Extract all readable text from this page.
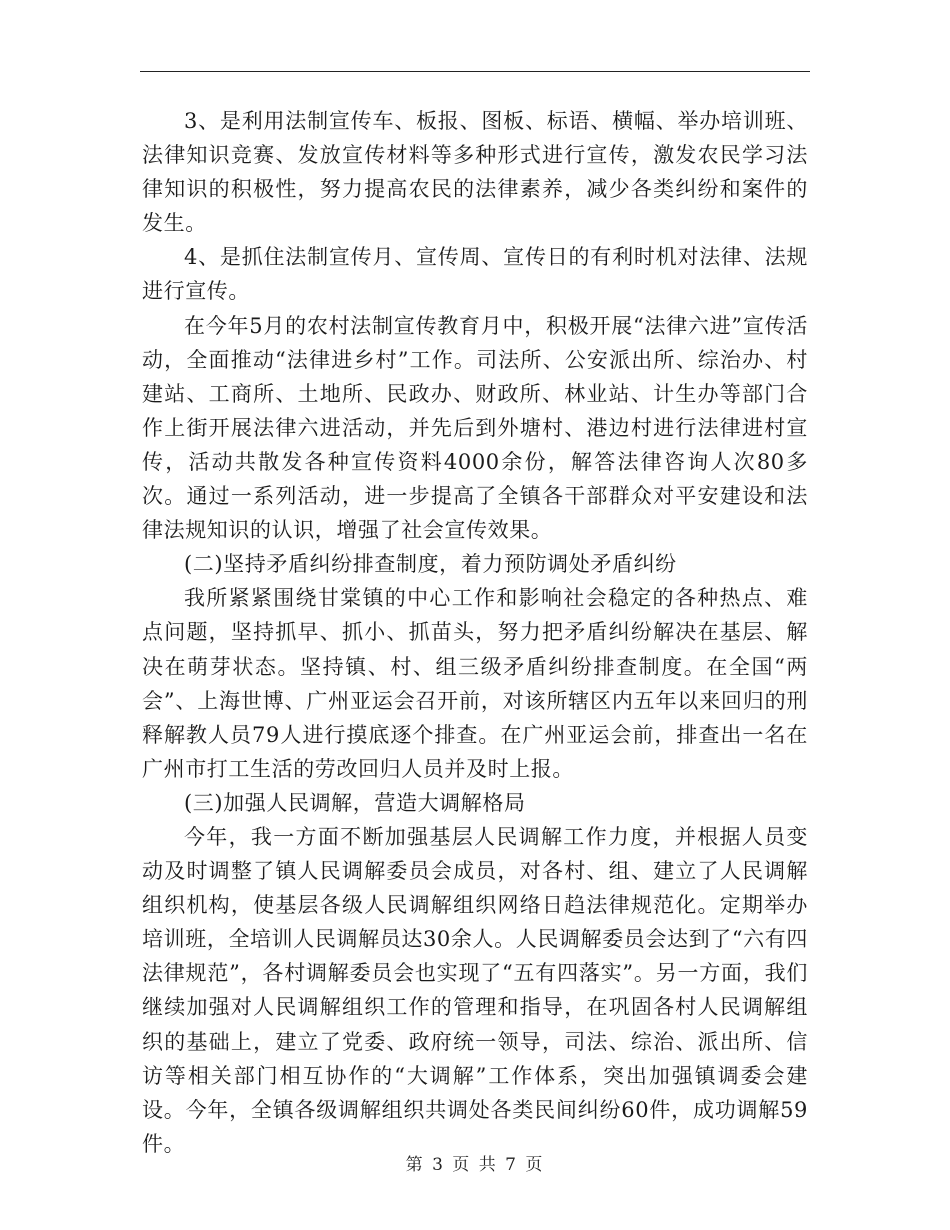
3、是利用法制宣传车、板报、图板、标语、横幅、举办培训班、法律知识竞赛、发放宣传材料等多种形式进行宣传，激发农民学习法律知识的积极性，努力提高农民的法律素养，减少各类纠纷和案件的发生。

4、是抓住法制宣传月、宣传周、宣传日的有利时机对法律、法规进行宣传。

在今年5月的农村法制宣传教育月中，积极开展“法律六进”宣传活动，全面推动“法律进乡村”工作。司法所、公安派出所、综治办、村建站、工商所、土地所、民政办、财政所、林业站、计生办等部门合作上街开展法律六进活动，并先后到外塘村、港边村进行法律进村宣传，活动共散发各种宣传资料4000余份，解答法律咨询人次80多次。通过一系列活动，进一步提高了全镇各干部群众对平安建设和法律法规知识的认识，增强了社会宣传效果。

(二)坚持矛盾纠纷排查制度，着力预防调处矛盾纠纷

我所紧紧围绕甘棠镇的中心工作和影响社会稳定的各种热点、难点问题，坚持抓早、抓小、抓苗头，努力把矛盾纠纷解决在基层、解决在萌芽状态。坚持镇、村、组三级矛盾纠纷排查制度。在全国“两会”、上海世博、广州亚运会召开前，对该所辖区内五年以来回归的刑释解教人员79人进行摸底逐个排查。在广州亚运会前，排查出一名在广州市打工生活的劳改回归人员并及时上报。

(三)加强人民调解，营造大调解格局

今年，我一方面不断加强基层人民调解工作力度，并根据人员变动及时调整了镇人民调解委员会成员，对各村、组、建立了人民调解组织机构，使基层各级人民调解组织网络日趋法律规范化。定期举办培训班，全培训人民调解员达30余人。人民调解委员会达到了“六有四法律规范”，各村调解委员会也实现了“五有四落实”。另一方面，我们继续加强对人民调解组织工作的管理和指导，在巩固各村人民调解组织的基础上，建立了党委、政府统一领导，司法、综治、派出所、信访等相关部门相互协作的“大调解”工作体系，突出加强镇调委会建设。今年，全镇各级调解组织共调处各类民间纠纷60件，成功调解59件。

第 3 页 共 7 页
